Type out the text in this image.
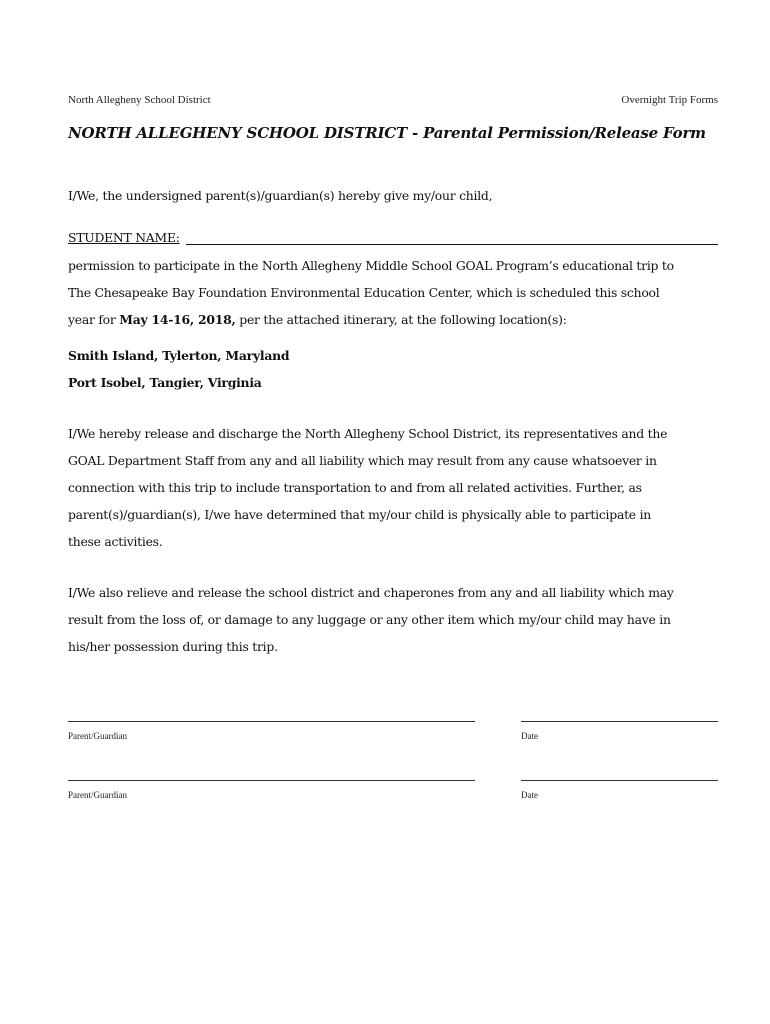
North Allegheny School District	Overnight Trip Forms
NORTH ALLEGHENY SCHOOL DISTRICT - Parental Permission/Release Form
I/We, the undersigned parent(s)/guardian(s) hereby give my/our child,
STUDENT NAME:
permission to participate in the North Allegheny Middle School GOAL Program’s educational trip to
The Chesapeake Bay Foundation Environmental Education Center, which is scheduled this school
year for May 14-16, 2018, per the attached itinerary, at the following location(s):
Smith Island, Tylerton, Maryland
Port Isobel, Tangier, Virginia
I/We hereby release and discharge the North Allegheny School District, its representatives and the
GOAL Department Staff from any and all liability which may result from any cause whatsoever in
connection with this trip to include transportation to and from all related activities. Further, as
parent(s)/guardian(s), I/we have determined that my/our child is physically able to participate in
these activities.
I/We also relieve and release the school district and chaperones from any and all liability which may
result from the loss of, or damage to any luggage or any other item which my/our child may have in
his/her possession during this trip.
Parent/Guardian	Date
Parent/Guardian	Date
